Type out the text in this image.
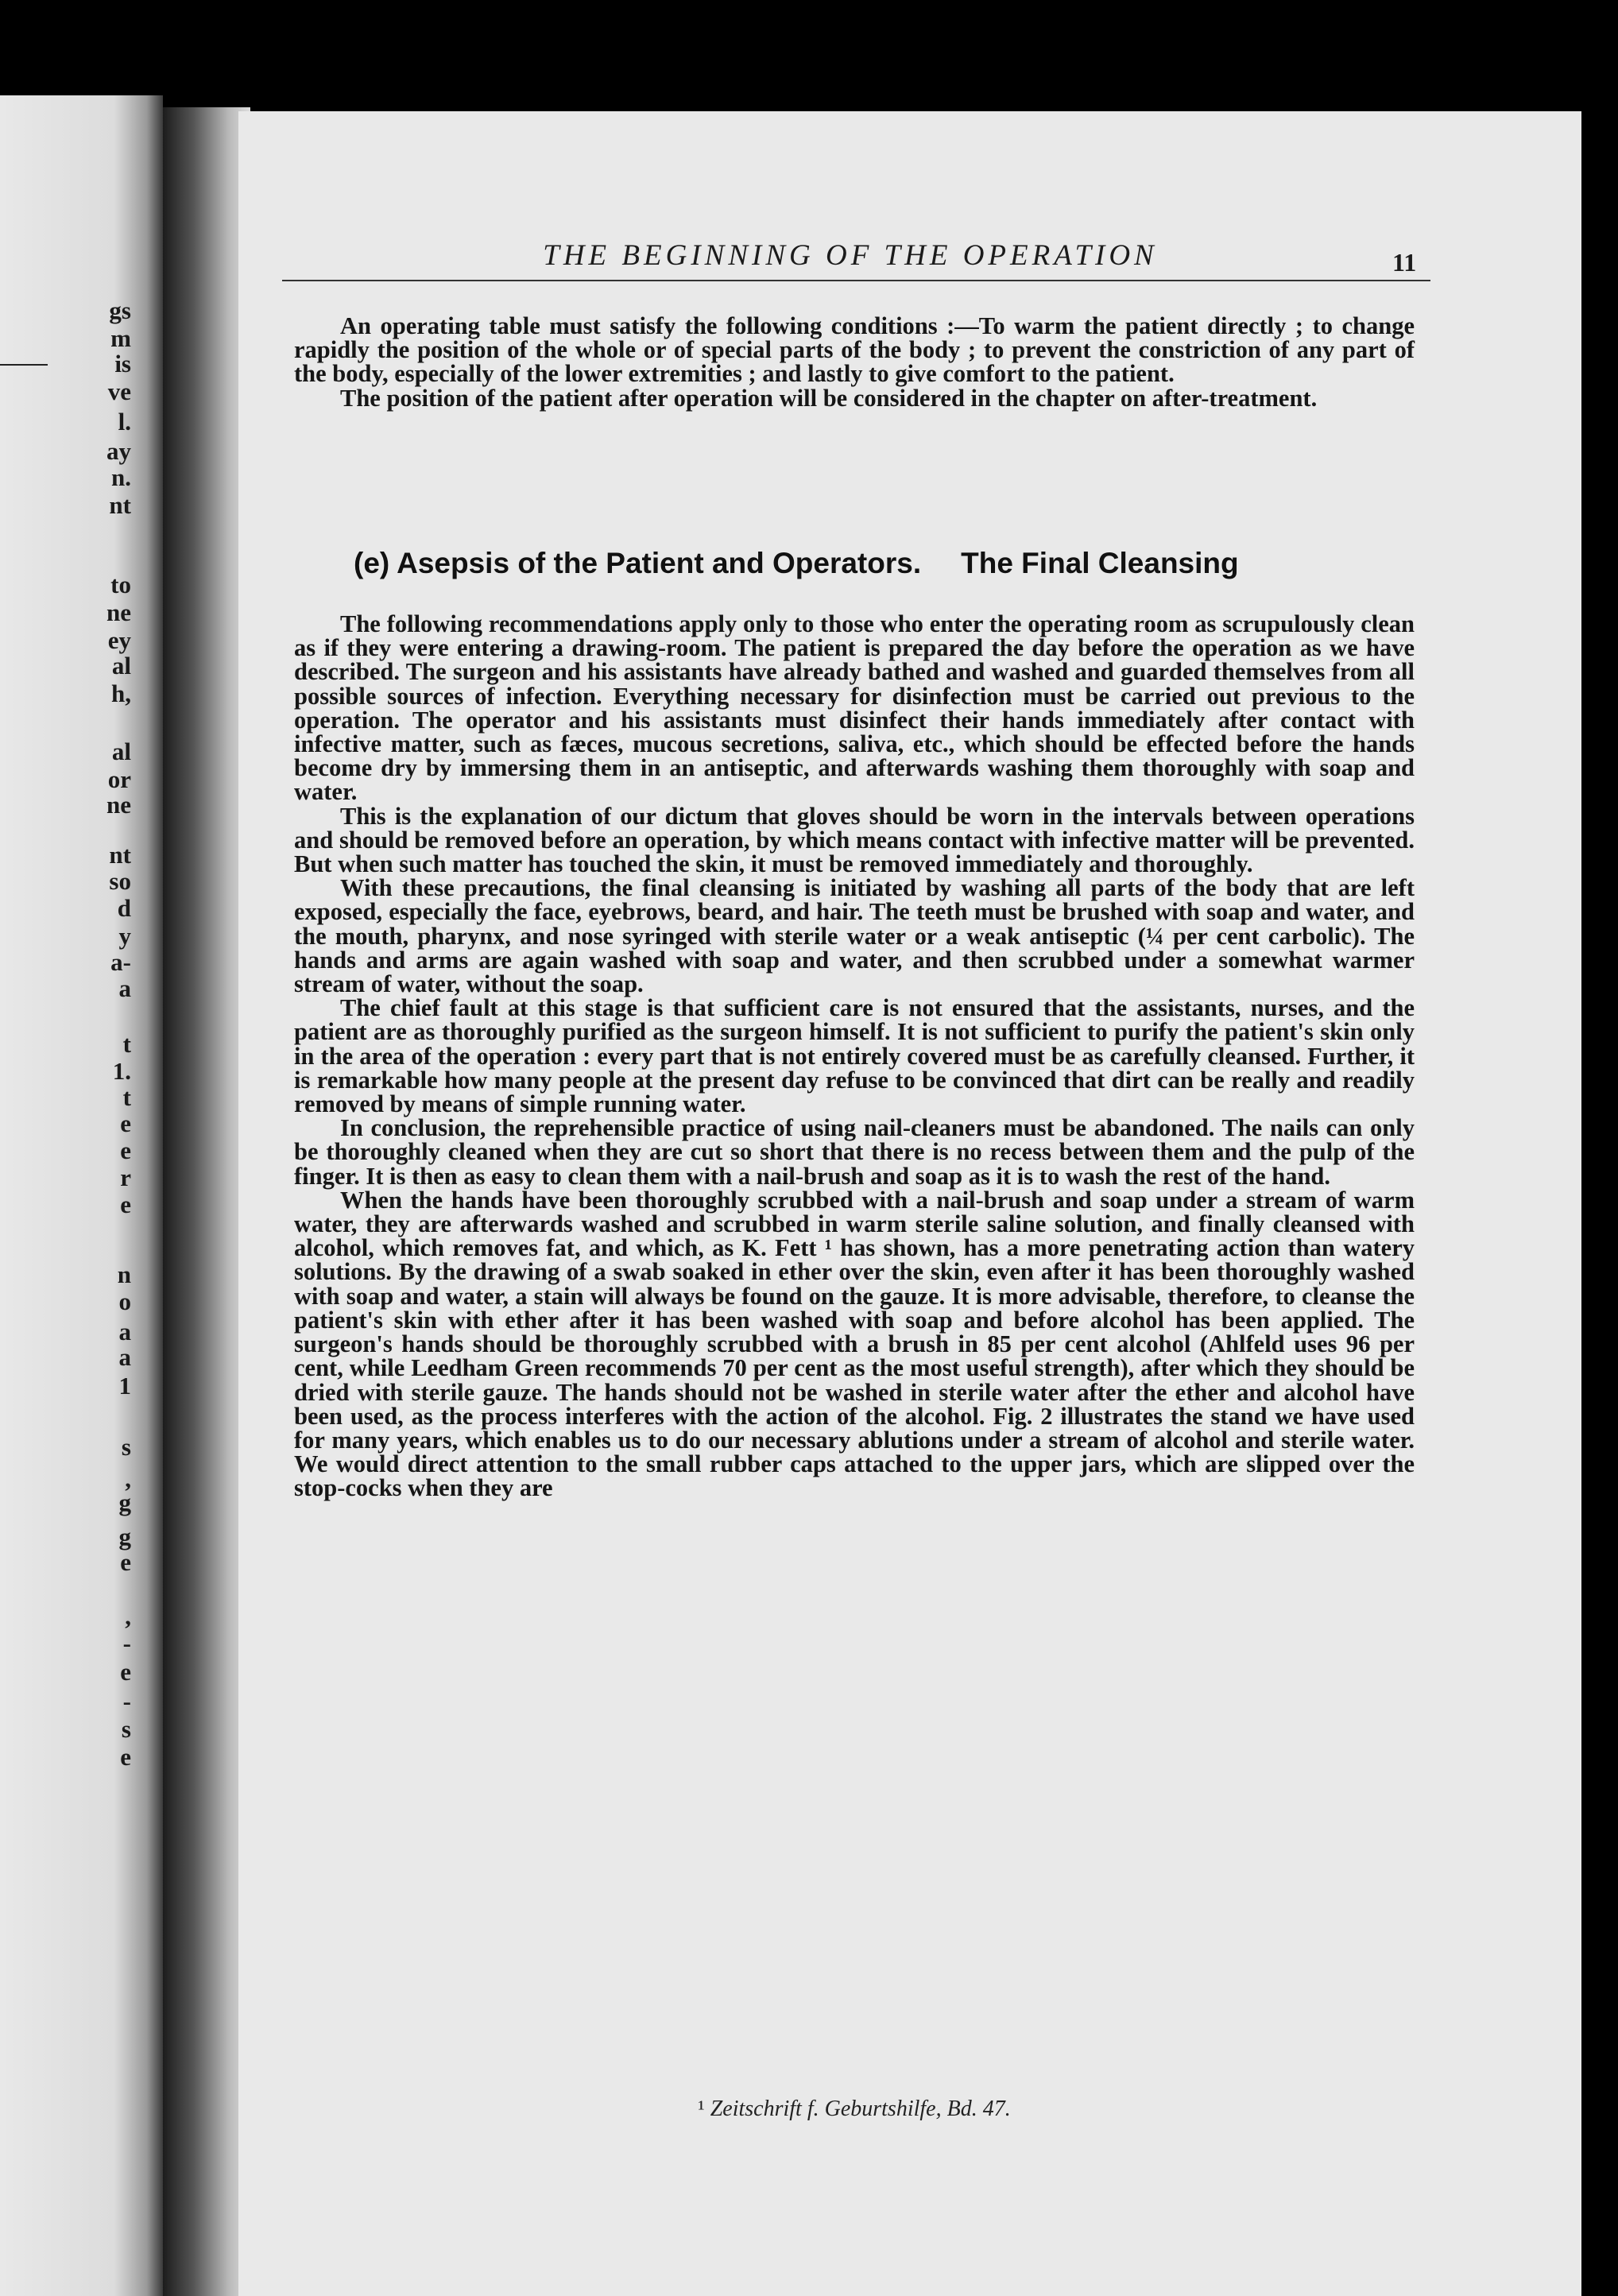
gs
m
is
ve
l.
ay
n.
nt
to
ne
ey
al
h,
al
or
ne
nt
so
d
y
a-
a
t
1.
t
e
e
r
e
n
o
a
a
1
s
,
g
g
e
,
-
e
-
s
e
THE BEGINNING OF THE OPERATION	11

An operating table must satisfy the following conditions :—To warm the patient directly ; to change rapidly the position of the whole or of special parts of the body ; to prevent the constriction of any part of the body, especially of the lower extremities ; and lastly to give comfort to the patient.

The position of the patient after operation will be considered in the chapter on after-treatment.

(e) Asepsis of the Patient and Operators. The Final Cleansing

The following recommendations apply only to those who enter the operating room as scrupulously clean as if they were entering a drawing-room. The patient is prepared the day before the operation as we have described. The surgeon and his assistants have already bathed and washed and guarded themselves from all possible sources of infection. Everything necessary for disinfection must be carried out previous to the operation. The operator and his assistants must disinfect their hands immediately after contact with infective matter, such as fæces, mucous secretions, saliva, etc., which should be effected before the hands become dry by immersing them in an antiseptic, and afterwards washing them thoroughly with soap and water.

This is the explanation of our dictum that gloves should be worn in the intervals between operations and should be removed before an operation, by which means contact with infective matter will be prevented. But when such matter has touched the skin, it must be removed immediately and thoroughly.

With these precautions, the final cleansing is initiated by washing all parts of the body that are left exposed, especially the face, eyebrows, beard, and hair. The teeth must be brushed with soap and water, and the mouth, pharynx, and nose syringed with sterile water or a weak antiseptic (¼ per cent carbolic). The hands and arms are again washed with soap and water, and then scrubbed under a somewhat warmer stream of water, without the soap.

The chief fault at this stage is that sufficient care is not ensured that the assistants, nurses, and the patient are as thoroughly purified as the surgeon himself. It is not sufficient to purify the patient's skin only in the area of the operation : every part that is not entirely covered must be as carefully cleansed. Further, it is remarkable how many people at the present day refuse to be convinced that dirt can be really and readily removed by means of simple running water.

In conclusion, the reprehensible practice of using nail-cleaners must be abandoned. The nails can only be thoroughly cleaned when they are cut so short that there is no recess between them and the pulp of the finger. It is then as easy to clean them with a nail-brush and soap as it is to wash the rest of the hand.

When the hands have been thoroughly scrubbed with a nail-brush and soap under a stream of warm water, they are afterwards washed and scrubbed in warm sterile saline solution, and finally cleansed with alcohol, which removes fat, and which, as K. Fett ¹ has shown, has a more penetrating action than watery solutions. By the drawing of a swab soaked in ether over the skin, even after it has been thoroughly washed with soap and water, a stain will always be found on the gauze. It is more advisable, therefore, to cleanse the patient's skin with ether after it has been washed with soap and before alcohol has been applied. The surgeon's hands should be thoroughly scrubbed with a brush in 85 per cent alcohol (Ahlfeld uses 96 per cent, while Leedham Green recommends 70 per cent as the most useful strength), after which they should be dried with sterile gauze. The hands should not be washed in sterile water after the ether and alcohol have been used, as the process interferes with the action of the alcohol. Fig. 2 illustrates the stand we have used for many years, which enables us to do our necessary ablutions under a stream of alcohol and sterile water. We would direct attention to the small rubber caps attached to the upper jars, which are slipped over the stop-cocks when they are

¹ Zeitschrift f. Geburtshilfe, Bd. 47.
